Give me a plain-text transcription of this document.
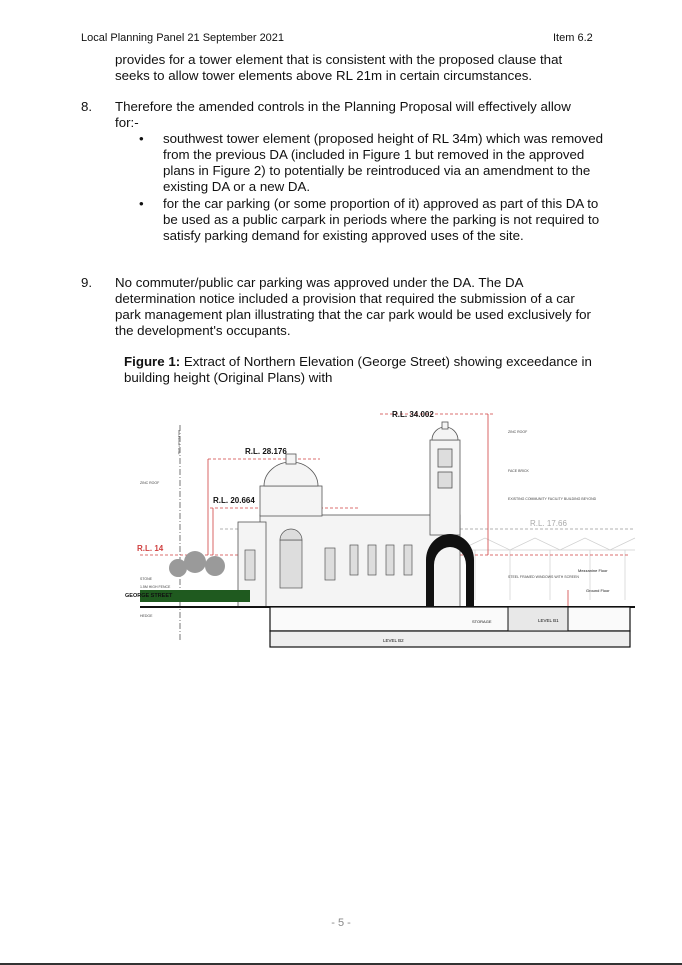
Local Planning Panel 21 September 2021	Item 6.2

provides for a tower element that is consistent with the proposed clause that seeks to allow tower elements above RL 21m in certain circumstances.

8. Therefore the amended controls in the Planning Proposal will effectively allow for:-

• southwest tower element (proposed height of RL 34m) which was removed from the previous DA (included in Figure 1 but removed in the approved plans in Figure 2) to potentially be reintroduced via an amendment to the existing DA or a new DA.

• for the car parking (or some proportion of it) approved as part of this DA to be used as a public carpark in periods where the parking is not required to satisfy parking demand for existing approved uses of the site.

9. No commuter/public car parking was approved under the DA. The DA determination notice included a provision that required the submission of a car park management plan illustrating that the car park would be used exclusively for the development's occupants.

Figure 1: Extract of Northern Elevation (George Street) showing exceedance in building height (Original Plans) with
R.L. 34.002
R.L. 28.176
R.L. 20.664
R.L. 14
R.L. 17.66
GEORGE STREET
LEVEL B1
LEVEL B2
STORAGE
ZINC ROOF
FACE BRICK
EXISTING COMMUNITY FACILITY BUILDING BEYOND
STEEL FRAMED WINDOWS WITH SCREEN
Mezzanine Floor
Ground Floor
ZINC ROOF
STONE
HEDGE
1.5M HIGH FENCE
BOUNDARY LINE
- 5 -
